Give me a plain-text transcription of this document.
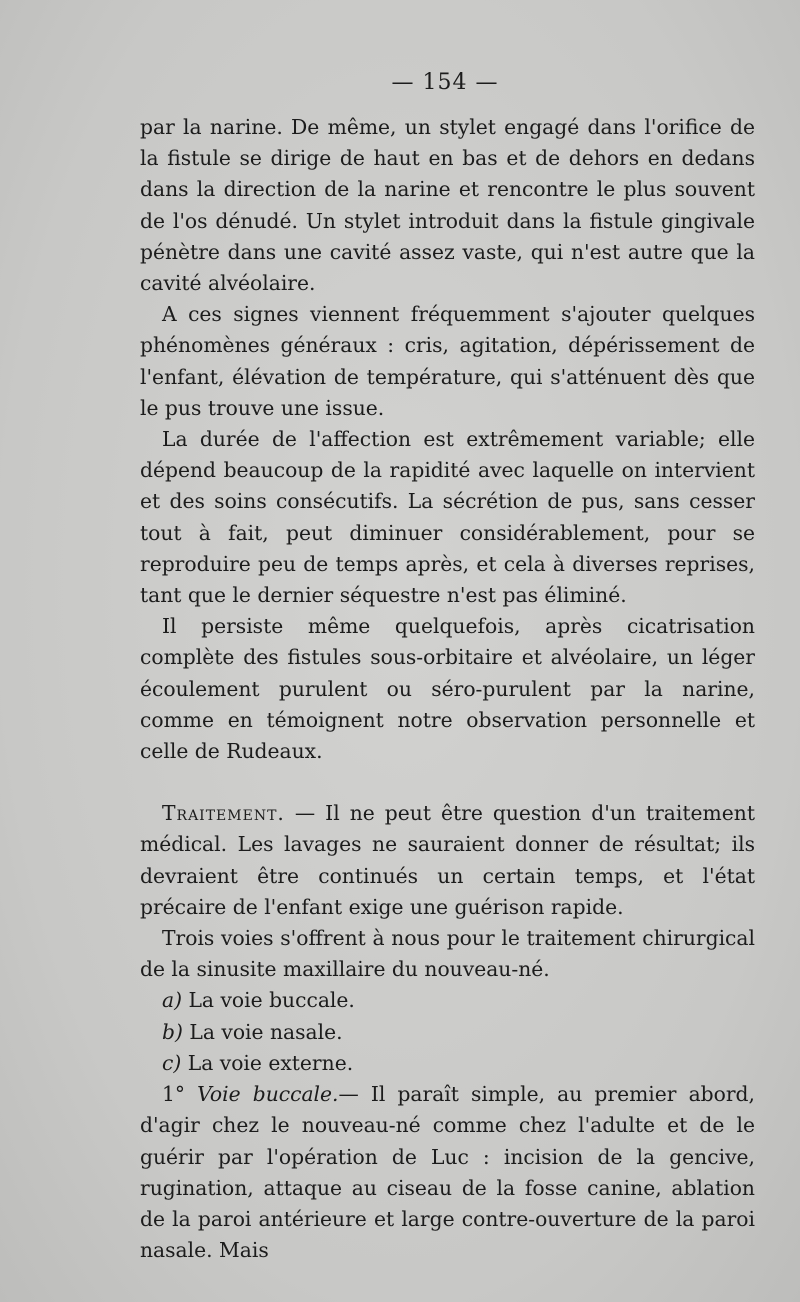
— 154 —

par la narine. De même, un stylet engagé dans l'orifice de la fistule se dirige de haut en bas et de dehors en dedans dans la direction de la narine et rencontre le plus souvent de l'os dénudé. Un stylet introduit dans la fistule gingivale pénètre dans une cavité assez vaste, qui n'est autre que la cavité alvéolaire.

A ces signes viennent fréquemment s'ajouter quelques phénomènes généraux : cris, agitation, dépérissement de l'enfant, élévation de température, qui s'atténuent dès que le pus trouve une issue.

La durée de l'affection est extrêmement variable; elle dépend beaucoup de la rapidité avec laquelle on intervient et des soins consécutifs. La sécrétion de pus, sans cesser tout à fait, peut diminuer considérablement, pour se reproduire peu de temps après, et cela à diverses reprises, tant que le dernier séquestre n'est pas éliminé.

Il persiste même quelquefois, après cicatrisation complète des fistules sous-orbitaire et alvéolaire, un léger écoulement purulent ou séro-purulent par la narine, comme en témoignent notre observation personnelle et celle de Rudeaux.

Traitement. — Il ne peut être question d'un traitement médical. Les lavages ne sauraient donner de résultat; ils devraient être continués un certain temps, et l'état précaire de l'enfant exige une guérison rapide.

Trois voies s'offrent à nous pour le traitement chirurgical de la sinusite maxillaire du nouveau-né.

a) La voie buccale.

b) La voie nasale.

c) La voie externe.

1° Voie buccale.— Il paraît simple, au premier abord, d'agir chez le nouveau-né comme chez l'adulte et de le guérir par l'opération de Luc : incision de la gencive, rugination, attaque au ciseau de la fosse canine, ablation de la paroi antérieure et large contre-ouverture de la paroi nasale. Mais
